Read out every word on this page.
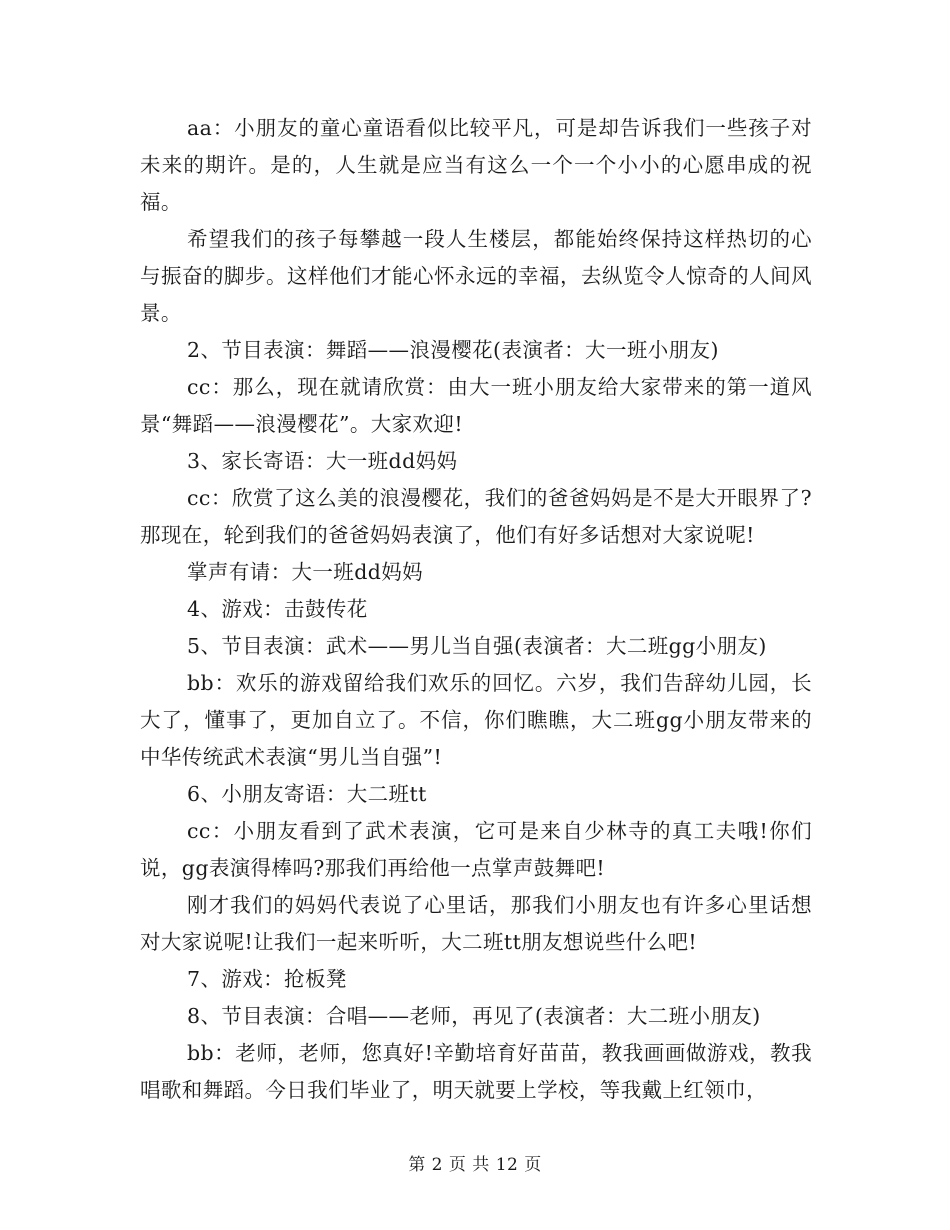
aa：小朋友的童心童语看似比较平凡，可是却告诉我们一些孩子对未来的期许。是的，人生就是应当有这么一个一个小小的心愿串成的祝福。

希望我们的孩子每攀越一段人生楼层，都能始终保持这样热切的心与振奋的脚步。这样他们才能心怀永远的幸福，去纵览令人惊奇的人间风景。

2、节目表演：舞蹈——浪漫樱花(表演者：大一班小朋友)

cc：那么，现在就请欣赏：由大一班小朋友给大家带来的第一道风景“舞蹈——浪漫樱花”。大家欢迎!

3、家长寄语：大一班dd妈妈

cc：欣赏了这么美的浪漫樱花，我们的爸爸妈妈是不是大开眼界了?那现在，轮到我们的爸爸妈妈表演了，他们有好多话想对大家说呢!

掌声有请：大一班dd妈妈

4、游戏：击鼓传花

5、节目表演：武术——男儿当自强(表演者：大二班gg小朋友)

bb：欢乐的游戏留给我们欢乐的回忆。六岁，我们告辞幼儿园，长大了，懂事了，更加自立了。不信，你们瞧瞧，大二班gg小朋友带来的中华传统武术表演“男儿当自强”!

6、小朋友寄语：大二班tt

cc：小朋友看到了武术表演，它可是来自少林寺的真工夫哦!你们说，gg表演得棒吗?那我们再给他一点掌声鼓舞吧!

刚才我们的妈妈代表说了心里话，那我们小朋友也有许多心里话想对大家说呢!让我们一起来听听，大二班tt朋友想说些什么吧!

7、游戏：抢板凳

8、节目表演：合唱——老师，再见了(表演者：大二班小朋友)

bb：老师，老师，您真好!辛勤培育好苗苗，教我画画做游戏，教我唱歌和舞蹈。今日我们毕业了，明天就要上学校，等我戴上红领巾，

第 2 页 共 12 页
